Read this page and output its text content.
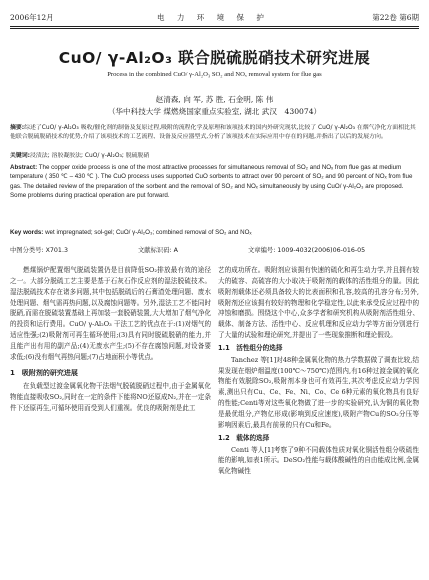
2006年12月	电 力 环 境 保 护	第22卷 第6期
CuO/ γ-Al₂O₃ 联合脱硫脱硝技术研究进展
Process in the combined CuO/ γ-Al₂O₃ SO₂ and NOₓ removal system for flue gas
赵清森, 向 军, 苏 胜, 石金明, 陈 伟
（华中科技大学 煤燃烧国家重点实验室, 湖北 武汉　430074）
摘要:综述了CuO/ γ-Al₂O₃ 吸收/催化剂的制备及复原过程,吸附的流程化学及原理和该项技术的国内外研究现状,比较了 CuO/ γ-Al₂O₃ 在烟气净化方面相比其他联合脱硫脱硝技术的优势,介绍了该项技术的工艺流程、设备及反应器型式,分析了该项技术在实际应用中存在的问题,并指出了以后的发展方向。
关键词:浸渍法; 溶胶凝胶法; CuO/ γ-Al₂O₃; 脱硫脱硝
Abstract: The copper oxide process is one of the most attractive processes for simultaneous removal of SO₂ and NOₓ from flue gas at medium temperature ( 350 ℃ – 430 ℃ ). The CuO process uses supported CuO sorbents to attract over 90 percent of SO₂ and 90 percent of NOₓ from flue gas. The detailed review of the preparation of the sorbent and the removal of SO₂ and NOₓ simultaneously by using CuO/ γ-Al₂O₃ are proposed. Some problems during practical operation are put forward.
Key words: wet impregnated; sol-gel; CuO/ γ-Al₂O₃; combined removal of SO₂ and NOₓ
中图分类号: X701.3	文献标识码: A	文章编号: 1009-4032(2006)06-016-05

燃煤锅炉配置烟气脱硫装置仍是目前降低SO₂排放最有效的途径之一。大部分脱硫工艺主要是基于石灰石作反应剂的湿法脱硫技术。湿法脱硫技术存在诸多问题,其中包括脱硫后的石膏渣处理问题、废水处理问题、烟气需再热问题,以及腐蚀问题等。另外,湿法工艺不能同时脱硝,而需在脱硫装置基础上再加装一套脱硝装置,大大增加了烟气净化的投资和运行费用。CuO/ γ-Al₂O₃ 干法工艺的优点在于:(1)对烟气的适应性强;(2)吸附剂可再生循环使用;(3)具有同时脱硫脱硝的能力,并且能产出有用的副产品;(4)无废水产生;(5)不存在腐蚀问题,对设备要求低;(6)没有烟气再热问题;(7)占地面积小等优点。

1　吸附剂的研究进展

在负载型过渡金属氧化物干法烟气脱硫脱硝过程中,由于金属氧化物能直接吸收SO₂,同时在一定的条件下能将NO还原成N₂,并在一定条件下还原再生,可循环使用而受到人们重视。优良的吸附剂是此工

艺的成功所在。吸附剂应该拥有快速的硫化和再生动力学,并且拥有较大的硫容、高硫容的大小取决于吸附剂的载体的活性组分的量。因此吸附剂载体还必须具备较大的比表面积和孔容,较高的孔容分布;另外,吸附剂还应该拥有较好的物理和化学稳定性,以此来承受反应过程中的冲蚀和磨损。围绕这个中心,众多学者和研究机构从吸附剂活性组分、载体、制备方法、活性中心、反应机理和反应动力学等方面分别进行了大量的试验和理论研究,并提出了一些现象推断和理论假设。

1.1　活性组分的选择

Tanchez 等[1]对48种金属氧化物的热力学数据做了调查比较,结果发现在烟炉烟温度(100℃～750℃)范围内,有16种过渡金属的氧化物能有效脱除SO₂,吸附剂本身也可有效再生,其次考虑反应动力学因素,测出只有Cu、Ce、Fe、Ni、Co、Ce 6种元素的氧化物具有良好的性能;Centi等对这些氧化物做了进一步的实验研究,认为铜的氧化物是最优组分,产物亿形成(影响到反应速度),吸附产物Cu的SO₂分压等影响因素后,最具有前景的只有Cu和Fe。

1.2　载体的选择

Centi 等人[1]考察了9种不同载体性质对氧化铜活性组分吸硫性能的影响,如表1所示。DeSO₂性能与载体酸碱性的自由能成比例,金属氧化物碱性
